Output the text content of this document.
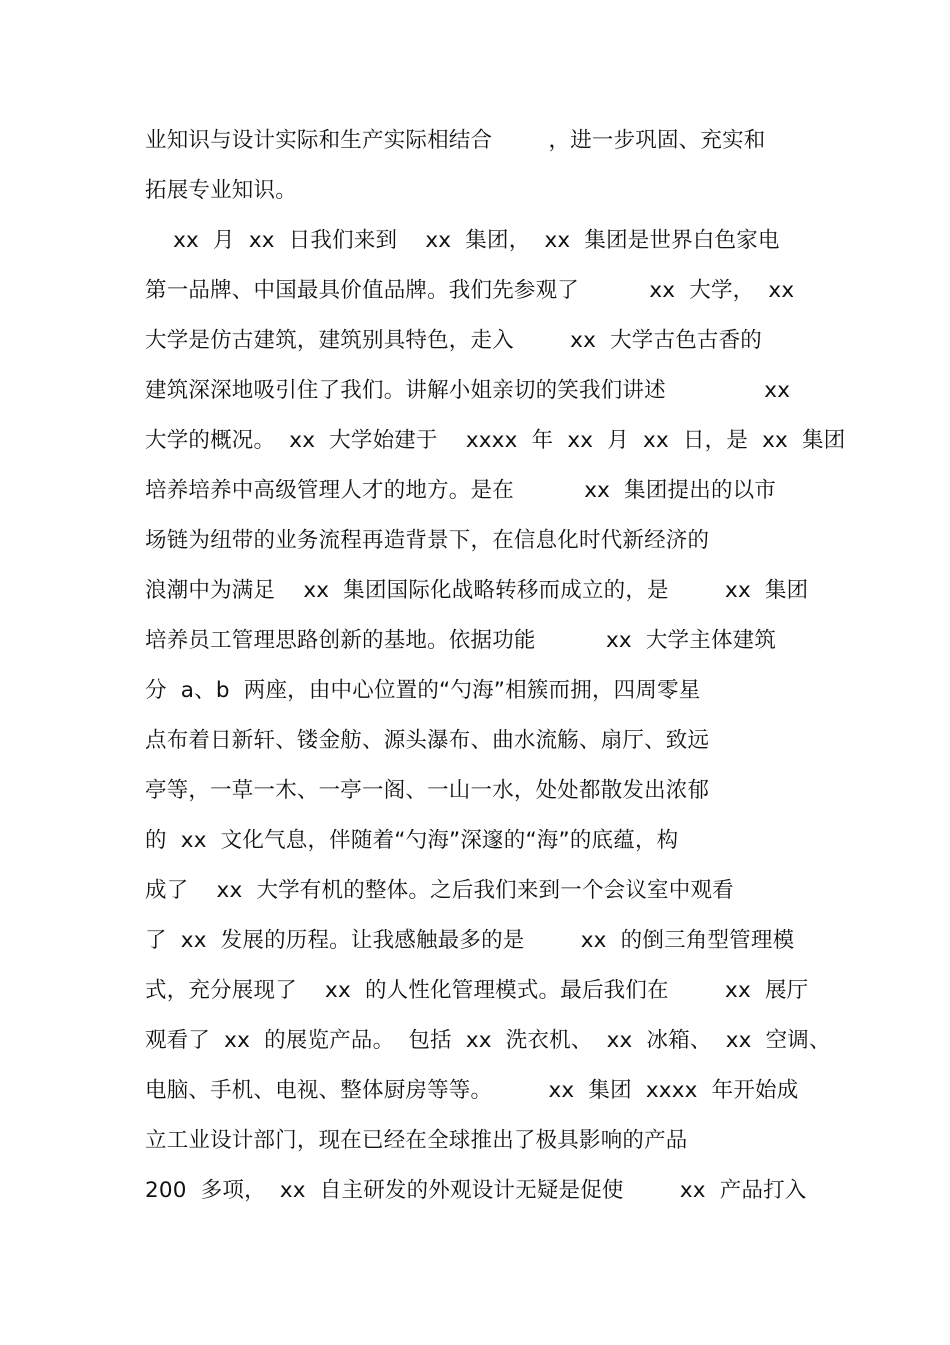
业知识与设计实际和生产实际相结合        ，进一步巩固、充实和
拓展专业知识。
xx  月  xx  日我们来到    xx  集团，  xx  集团是世界白色家电
第一品牌、中国最具价值品牌。我们先参观了          xx  大学，  xx
大学是仿古建筑，建筑别具特色，走入        xx  大学古色古香的
建筑深深地吸引住了我们。讲解小姐亲切的笑我们讲述              xx
大学的概况。  xx  大学始建于    xxxx  年  xx  月  xx  日，是  xx  集团
培养培养中高级管理人才的地方。是在          xx  集团提出的以市
场链为纽带的业务流程再造背景下，在信息化时代新经济的
浪潮中为满足    xx  集团国际化战略转移而成立的，是        xx  集团
培养员工管理思路创新的基地。依据功能          xx  大学主体建筑
分  a、b  两座，由中心位置的“勺海”相簇而拥，四周零星
点布着日新轩、镂金舫、源头瀑布、曲水流觞、扇厅、致远
亭等，一草一木、一亭一阁、一山一水，处处都散发出浓郁
的  xx  文化气息，伴随着“勺海”深邃的“海”的底蕴，构
成了    xx  大学有机的整体。之后我们来到一个会议室中观看
了  xx  发展的历程。让我感触最多的是        xx  的倒三角型管理模
式，充分展现了    xx  的人性化管理模式。最后我们在        xx  展厅
观看了  xx  的展览产品。  包括  xx  洗衣机、  xx  冰箱、  xx  空调、
电脑、手机、电视、整体厨房等等。        xx  集团  xxxx  年开始成
立工业设计部门，现在已经在全球推出了极具影响的产品
200  多项，  xx  自主研发的外观设计无疑是促使        xx  产品打入
